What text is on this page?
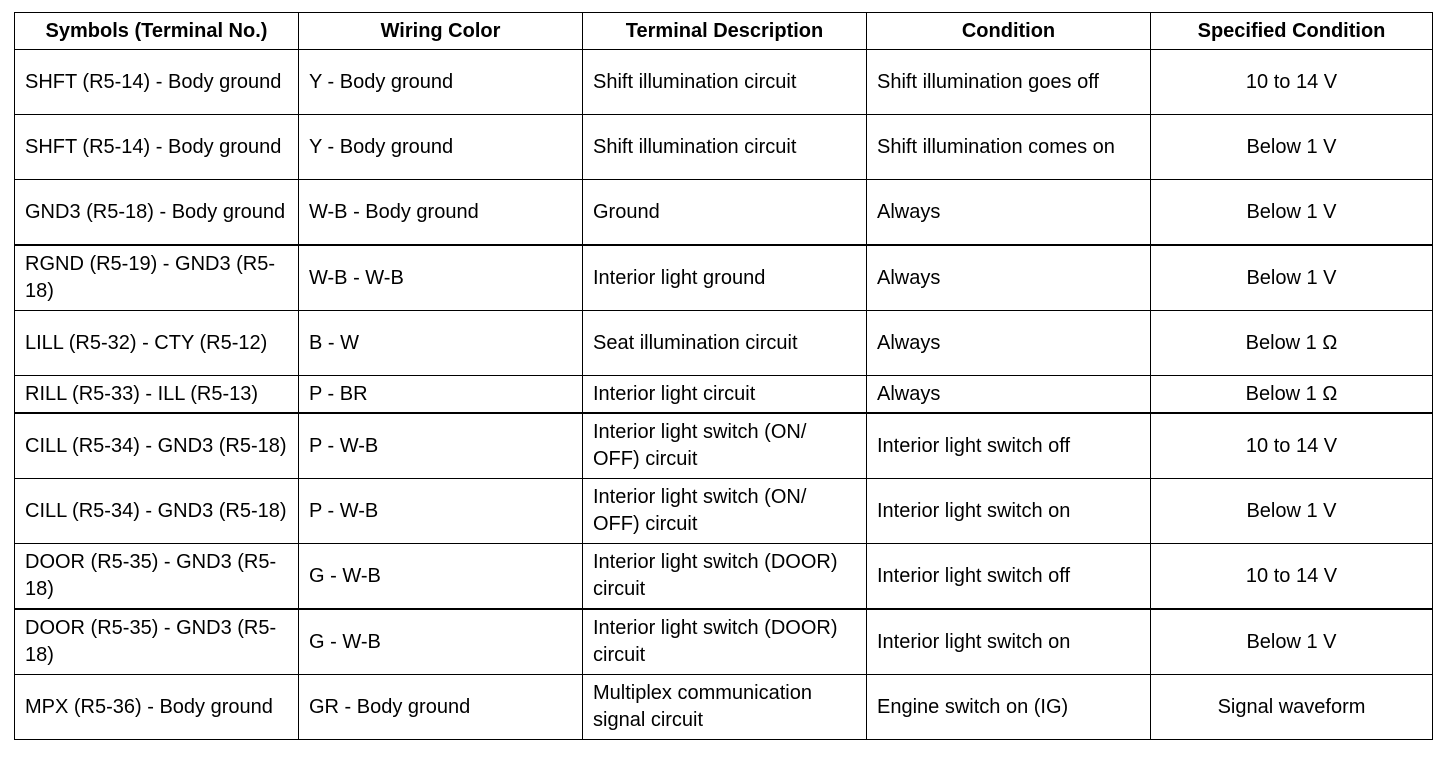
Symbols (Terminal No.)	Wiring Color	Terminal Description	Condition	Specified Condition
SHFT (R5-14) - Body ground	Y - Body ground	Shift illumination circuit	Shift illumination goes off	10 to 14 V
SHFT (R5-14) - Body ground	Y - Body ground	Shift illumination circuit	Shift illumination comes on	Below 1 V
GND3 (R5-18) - Body ground	W-B - Body ground	Ground	Always	Below 1 V
RGND (R5-19) - GND3 (R5-18)	W-B - W-B	Interior light ground	Always	Below 1 V
LILL (R5-32) - CTY (R5-12)	B - W	Seat illumination circuit	Always	Below 1 Ω
RILL (R5-33) - ILL (R5-13)	P - BR	Interior light circuit	Always	Below 1 Ω
CILL (R5-34) - GND3 (R5-18)	P - W-B	Interior light switch (ON/ OFF) circuit	Interior light switch off	10 to 14 V
CILL (R5-34) - GND3 (R5-18)	P - W-B	Interior light switch (ON/ OFF) circuit	Interior light switch on	Below 1 V
DOOR (R5-35) - GND3 (R5-18)	G - W-B	Interior light switch (DOOR) circuit	Interior light switch off	10 to 14 V
DOOR (R5-35) - GND3 (R5-18)	G - W-B	Interior light switch (DOOR) circuit	Interior light switch on	Below 1 V
MPX (R5-36) - Body ground	GR - Body ground	Multiplex communication signal circuit	Engine switch on (IG)	Signal waveform
